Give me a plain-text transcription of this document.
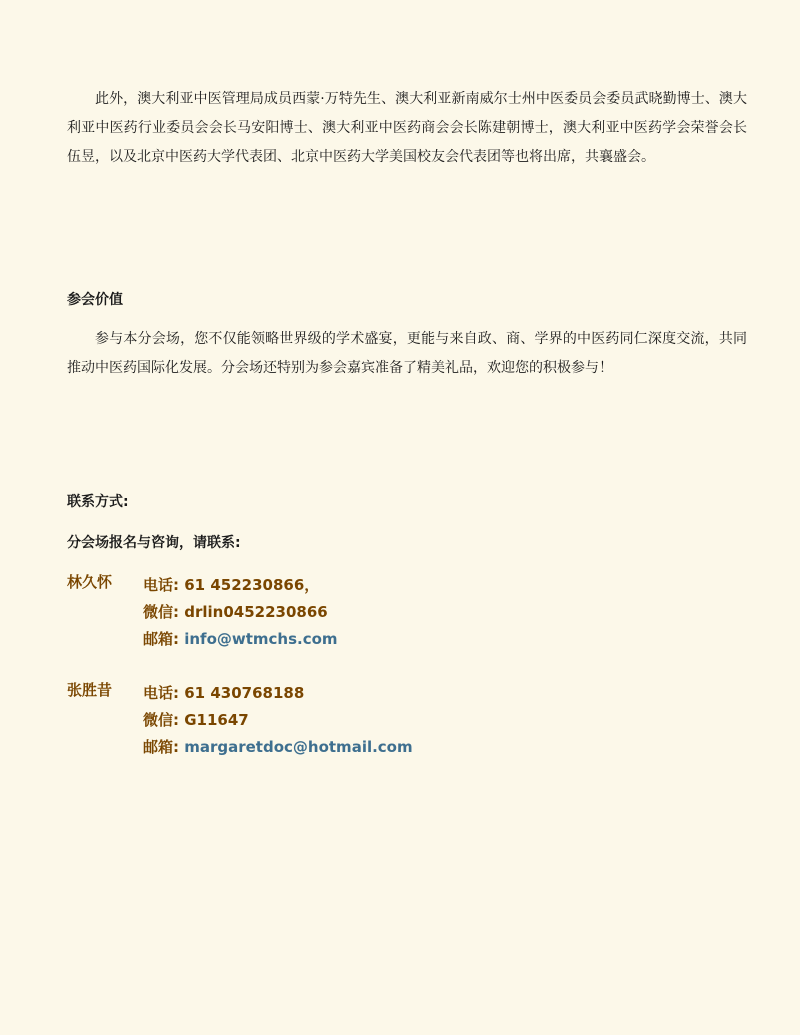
此外，澳大利亚中医管理局成员西蒙·万特先生、澳大利亚新南威尔士州中医委员会委员武晓勤博士、澳大利亚中医药行业委员会会长马安阳博士、澳大利亚中医药商会会长陈建朝博士，澳大利亚中医药学会荣誉会长伍昱，以及北京中医药大学代表团、北京中医药大学美国校友会代表团等也将出席，共襄盛会。

参会价值

参与本分会场，您不仅能领略世界级的学术盛宴，更能与来自政、商、学界的中医药同仁深度交流，共同推动中医药国际化发展。分会场还特别为参会嘉宾准备了精美礼品，欢迎您的积极参与！

联系方式:

分会场报名与咨询，请联系:

林久怀 电话: 61 452230866，
微信: drlin0452230866
邮箱: info@wtmchs.com
张胜昔 电话: 61 430768188
微信: G11647
邮箱: margaretdoc@hotmail.com
